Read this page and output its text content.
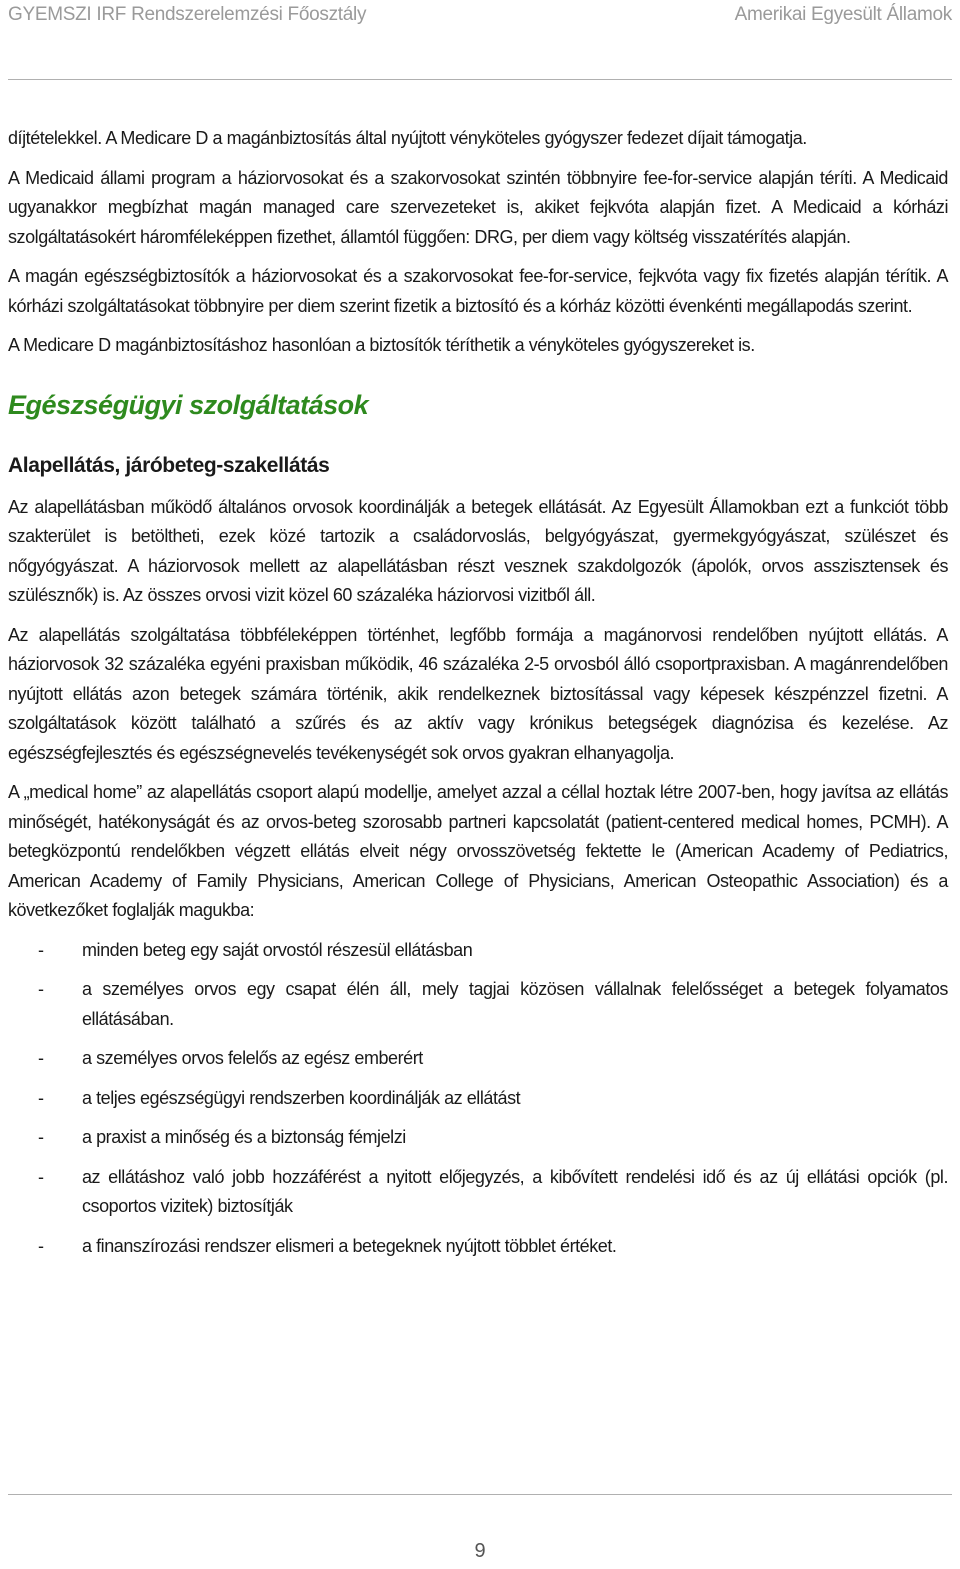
GYEMSZI IRF Rendszerelemzési Főosztály	Amerikai Egyesült Államok

díjtételekkel. A Medicare D a magánbiztosítás által nyújtott vényköteles gyógyszer fedezet díjait támogatja.

A Medicaid állami program a háziorvosokat és a szakorvosokat szintén többnyire fee-for-service alapján téríti. A Medicaid ugyanakkor megbízhat magán managed care szervezeteket is, akiket fejkvóta alapján fizet. A Medicaid a kórházi szolgáltatásokért háromféleképpen fizethet, államtól függően: DRG, per diem vagy költség visszatérítés alapján.

A magán egészségbiztosítók a háziorvosokat és a szakorvosokat fee-for-service, fejkvóta vagy fix fizetés alapján térítik. A kórházi szolgáltatásokat többnyire per diem szerint fizetik a biztosító és a kórház közötti évenkénti megállapodás szerint.

A Medicare D magánbiztosításhoz hasonlóan a biztosítók téríthetik a vényköteles gyógyszereket is.

Egészségügyi szolgáltatások
Alapellátás, járóbeteg-szakellátás

Az alapellátásban működő általános orvosok koordinálják a betegek ellátását. Az Egyesült Államokban ezt a funkciót több szakterület is betöltheti, ezek közé tartozik a családorvoslás, belgyógyászat, gyermekgyógyászat, szülészet és nőgyógyászat. A háziorvosok mellett az alapellátásban részt vesznek szakdolgozók (ápolók, orvos asszisztensek és szülésznők) is. Az összes orvosi vizit közel 60 százaléka háziorvosi vizitből áll.

Az alapellátás szolgáltatása többféleképpen történhet, legfőbb formája a magánorvosi rendelőben nyújtott ellátás. A háziorvosok 32 százaléka egyéni praxisban működik, 46 százaléka 2-5 orvosból álló csoportpraxisban. A magánrendelőben nyújtott ellátás azon betegek számára történik, akik rendelkeznek biztosítással vagy képesek készpénzzel fizetni. A szolgáltatások között található a szűrés és az aktív vagy krónikus betegségek diagnózisa és kezelése. Az egészségfejlesztés és egészségnevelés tevékenységét sok orvos gyakran elhanyagolja.

A „medical home” az alapellátás csoport alapú modellje, amelyet azzal a céllal hoztak létre 2007-ben, hogy javítsa az ellátás minőségét, hatékonyságát és az orvos-beteg szorosabb partneri kapcsolatát (patient-centered medical homes, PCMH). A betegközpontú rendelőkben végzett ellátás elveit négy orvosszövetség fektette le (American Academy of Pediatrics, American Academy of Family Physicians, American College of Physicians, American Osteopathic Association) és a következőket foglalják magukba:

- minden beteg egy saját orvostól részesül ellátásban
- a személyes orvos egy csapat élén áll, mely tagjai közösen vállalnak felelősséget a betegek folyamatos ellátásában.
- a személyes orvos felelős az egész emberért
- a teljes egészségügyi rendszerben koordinálják az ellátást
- a praxist a minőség és a biztonság fémjelzi
- az ellátáshoz való jobb hozzáférést a nyitott előjegyzés, a kibővített rendelési idő és az új ellátási opciók (pl. csoportos vizitek) biztosítják
- a finanszírozási rendszer elismeri a betegeknek nyújtott többlet értéket.
9
